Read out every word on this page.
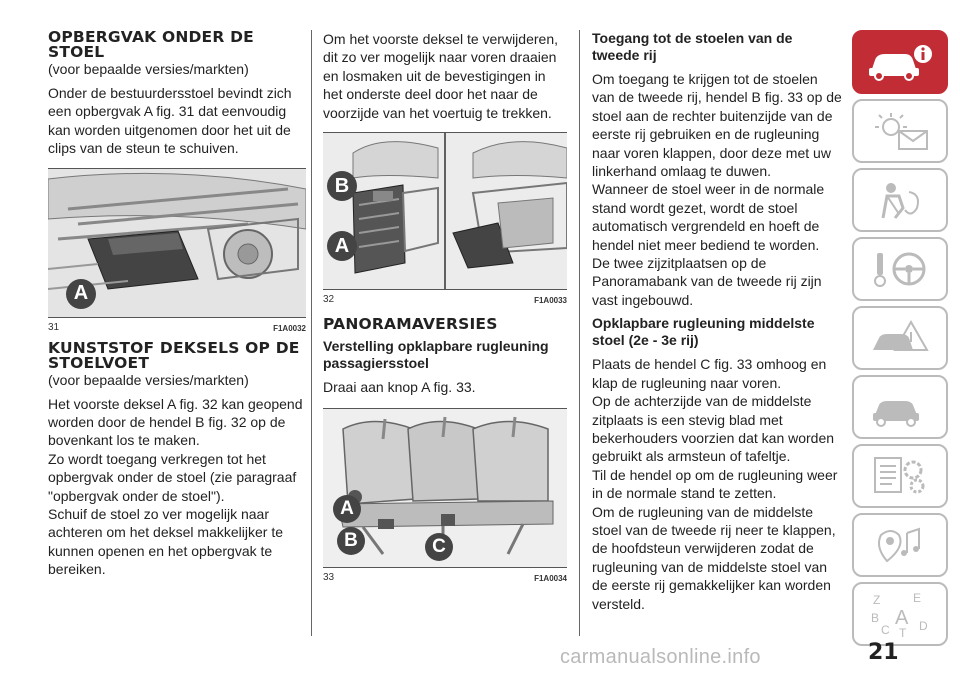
OPBERGVAK ONDER DE STOEL

(voor bepaalde versies/markten)

Onder de bestuurdersstoel bevindt zich een opbergvak A fig. 31 dat eenvoudig kan worden uitgenomen door het uit de clips van de steun te schuiven.

A
31	F1A0032
KUNSTSTOF DEKSELS OP DE STOELVOET

(voor bepaalde versies/markten)

Het voorste deksel A fig. 32 kan geopend worden door de hendel B fig. 32 op de bovenkant los te maken.

Zo wordt toegang verkregen tot het opbergvak onder de stoel (zie paragraaf "opbergvak onder de stoel").

Schuif de stoel zo ver mogelijk naar achteren om het deksel makkelijker te kunnen openen en het opbergvak te bereiken.

Om het voorste deksel te verwijderen, dit zo ver mogelijk naar voren draaien en losmaken uit de bevestigingen in het onderste deel door het naar de voorzijde van het voertuig te trekken.

B
A
32	F1A0033
PANORAMAVERSIES

Verstelling opklapbare rugleuning passagiersstoel

Draai aan knop A fig. 33.

A
B	C
33	F1A0034

Toegang tot de stoelen van de tweede rij

Om toegang te krijgen tot de stoelen van de tweede rij, hendel B fig. 33 op de stoel aan de rechter buitenzijde van de eerste rij gebruiken en de rugleuning naar voren klappen, door deze met uw linkerhand omlaag te duwen.

Wanneer de stoel weer in de normale stand wordt gezet, wordt de stoel automatisch vergrendeld en hoeft de hendel niet meer bediend te worden.

De twee zijzitplaatsen op de Panoramabank van de tweede rij zijn vast ingebouwd.

Opklapbare rugleuning middelste stoel (2e - 3e rij)

Plaats de hendel C fig. 33 omhoog en klap de rugleuning naar voren.

Op de achterzijde van de middelste zitplaats is een stevig blad met bekerhouders voorzien dat kan worden gebruikt als armsteun of tafeltje.

Til de hendel op om de rugleuning weer in de normale stand te zetten.

Om de rugleuning van de middelste stoel van de tweede rij neer te klappen, de hoofdsteun verwijderen zodat de rugleuning van de middelste stoel van de eerste rij gemakkelijker kan worden versteld.	Z	E
B A
C T D
carmanualsonline.info	21
